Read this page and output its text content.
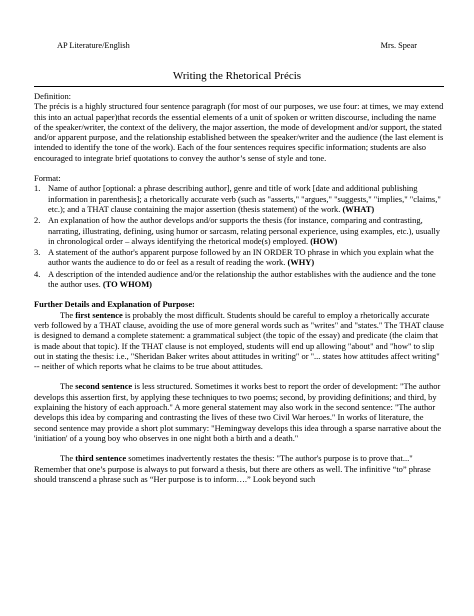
AP Literature/English	Mrs. Spear
Writing the Rhetorical Précis

Definition:

The précis is a highly structured four sentence paragraph (for most of our purposes, we use four: at times, we may extend this into an actual paper)that records the essential elements of a unit of spoken or written discourse, including the name of the speaker/writer, the context of the delivery, the major assertion, the mode of development and/or support, the stated and/or apparent purpose, and the relationship established between the speaker/writer and the audience (the last element is intended to identify the tone of the work). Each of the four sentences requires specific information; students are also encouraged to integrate brief quotations to convey the author’s sense of style and tone.

Format:

1. Name of author [optional: a phrase describing author], genre and title of work [date and additional publishing information in parenthesis]; a rhetorically accurate verb (such as "asserts," "argues," "suggests," "implies," "claims," etc.); and a THAT clause containing the major assertion (thesis statement) of the work. (WHAT)
2. An explanation of how the author develops and/or supports the thesis (for instance, comparing and contrasting, narrating, illustrating, defining, using humor or sarcasm, relating personal experience, using examples, etc.), usually in chronological order – always identifying the rhetorical mode(s) employed. (HOW)
3. A statement of the author's apparent purpose followed by an IN ORDER TO phrase in which you explain what the author wants the audience to do or feel as a result of reading the work. (WHY)
4. A description of the intended audience and/or the relationship the author establishes with the audience and the tone the author uses. (TO WHOM)

Further Details and Explanation of Purpose:

The first sentence is probably the most difficult. Students should be careful to employ a rhetorically accurate verb followed by a THAT clause, avoiding the use of more general words such as "writes" and "states." The THAT clause is designed to demand a complete statement: a grammatical subject (the topic of the essay) and predicate (the claim that is made about that topic). If the THAT clause is not employed, students will end up allowing "about" and "how" to slip out in stating the thesis: i.e., "Sheridan Baker writes about attitudes in writing" or "... states how attitudes affect writing" -- neither of which reports what he claims to be true about attitudes.

The second sentence is less structured. Sometimes it works best to report the order of development: "The author develops this assertion first, by applying these techniques to two poems; second, by providing definitions; and third, by explaining the history of each approach." A more general statement may also work in the second sentence: "The author develops this idea by comparing and contrasting the lives of these two Civil War heroes." In works of literature, the second sentence may provide a short plot summary: "Hemingway develops this idea through a sparse narrative about the 'initiation' of a young boy who observes in one night both a birth and a death."

The third sentence sometimes inadvertently restates the thesis: "The author's purpose is to prove that..." Remember that one’s purpose is always to put forward a thesis, but there are others as well. The infinitive “to” phrase should transcend a phrase such as “Her purpose is to inform….” Look beyond such
